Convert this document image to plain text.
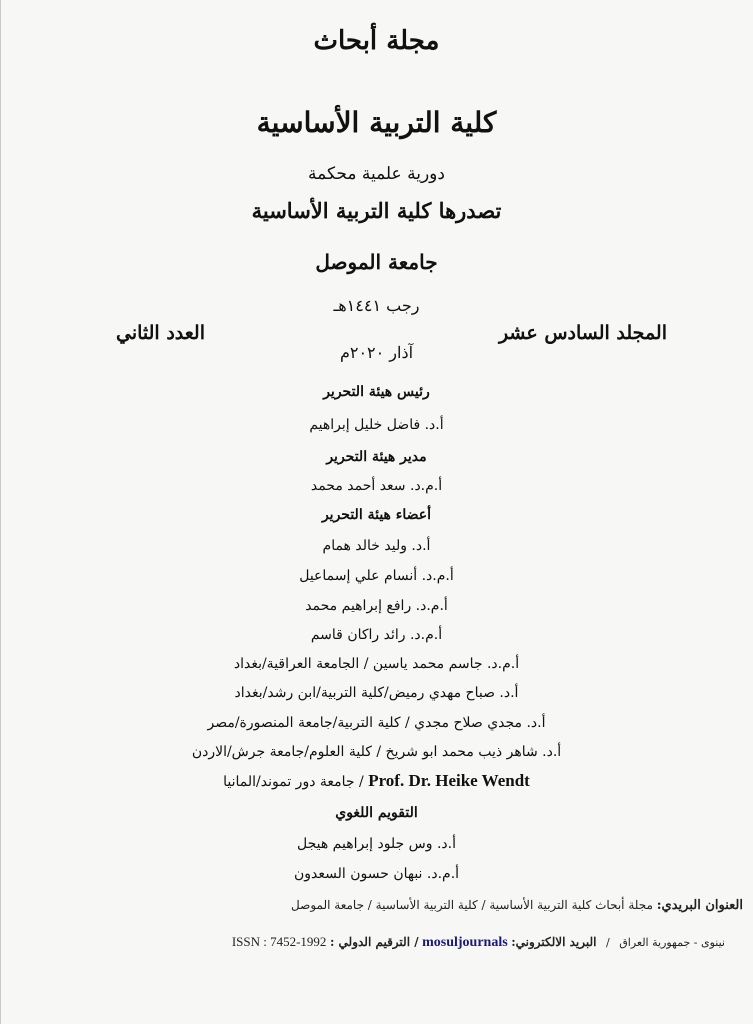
مجلة أبحاث
كلية التربية الأساسية
دورية علمية محكمة
تصدرها كلية التربية الأساسية
جامعة الموصل
رجب ١٤٤١هـ
المجلد السادس عشر
العدد الثاني
آذار ٢٠٢٠م
رئيس هيئة التحرير
أ.د. فاضل خليل إبراهيم
مدير هيئة التحرير
أ.م.د. سعد أحمد محمد
أعضاء هيئة التحرير
أ.د. وليد خالد همام
أ.م.د. أنسام علي إسماعيل
أ.م.د. رافع إبراهيم محمد
أ.م.د. رائد راكان قاسم
أ.م.د. جاسم محمد ياسين / الجامعة العراقية/بغداد
أ.د. صباح مهدي رميض/كلية التربية/ابن رشد/بغداد
أ.د. مجدي صلاح مجدي / كلية التربية/جامعة المنصورة/مصر
أ.د. شاهر ذيب محمد ابو شريخ / كلية العلوم/جامعة جرش/الاردن
Prof. Dr. Heike Wendt / جامعة دور تموند/المانيا
التقويم اللغوي
أ.د. وس جلود إبراهيم هيجل
أ.م.د. نبهان حسون السعدون
العنوان البريدي: مجلة أبحاث كلية التربية الأساسية / كلية التربية الأساسية / جامعة الموصل
نينوى - جمهورية العراق / البريد الالكتروني: mosuljournals / الترقيم الدولي : ISSN : 7452-1992
